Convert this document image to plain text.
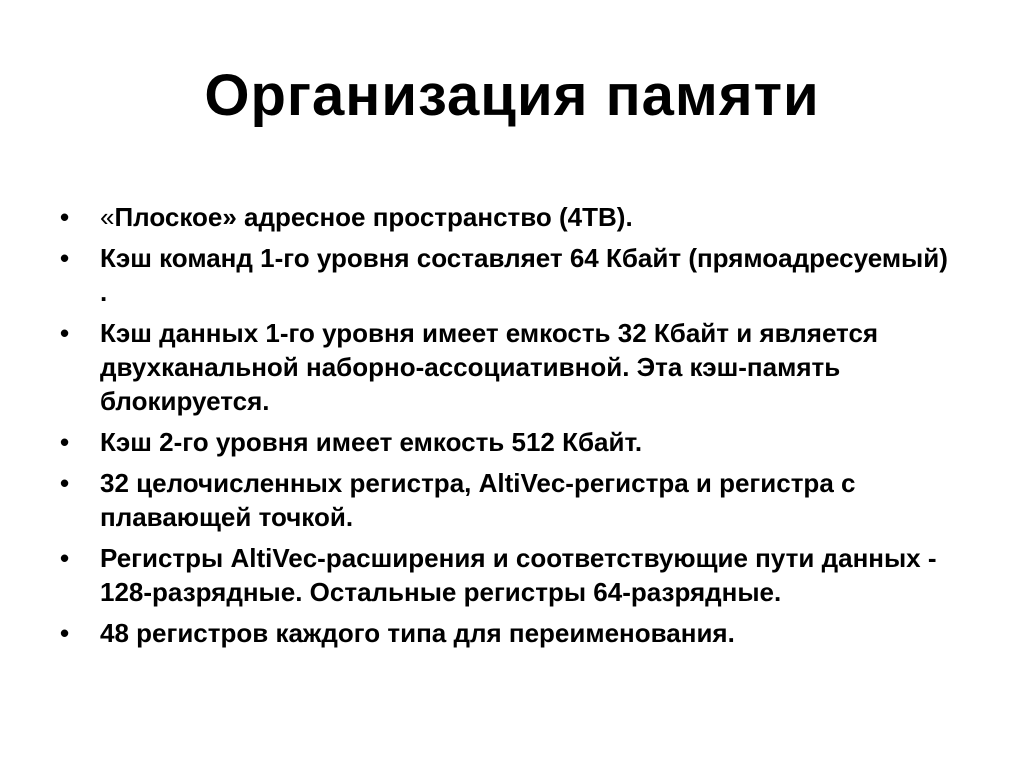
Организация памяти
•	«Плоское» адресное пространство (4TB).
•	Кэш команд 1-го уровня составляет 64 Кбайт (прямоадресуемый) .
•	Кэш данных 1-го уровня имеет емкость 32 Кбайт и является двухканальной наборно-ассоциативной. Эта кэш-память блокируется.
•	Кэш 2-го уровня имеет емкость 512 Кбайт.
•	32 целочисленных регистра, AltiVec-регистра и регистра с плавающей точкой.
•	Регистры AltiVec-расширения и соответствующие пути данных - 128-разрядные. Остальные регистры 64-разрядные.
•	48 регистров каждого типа для переименования.
